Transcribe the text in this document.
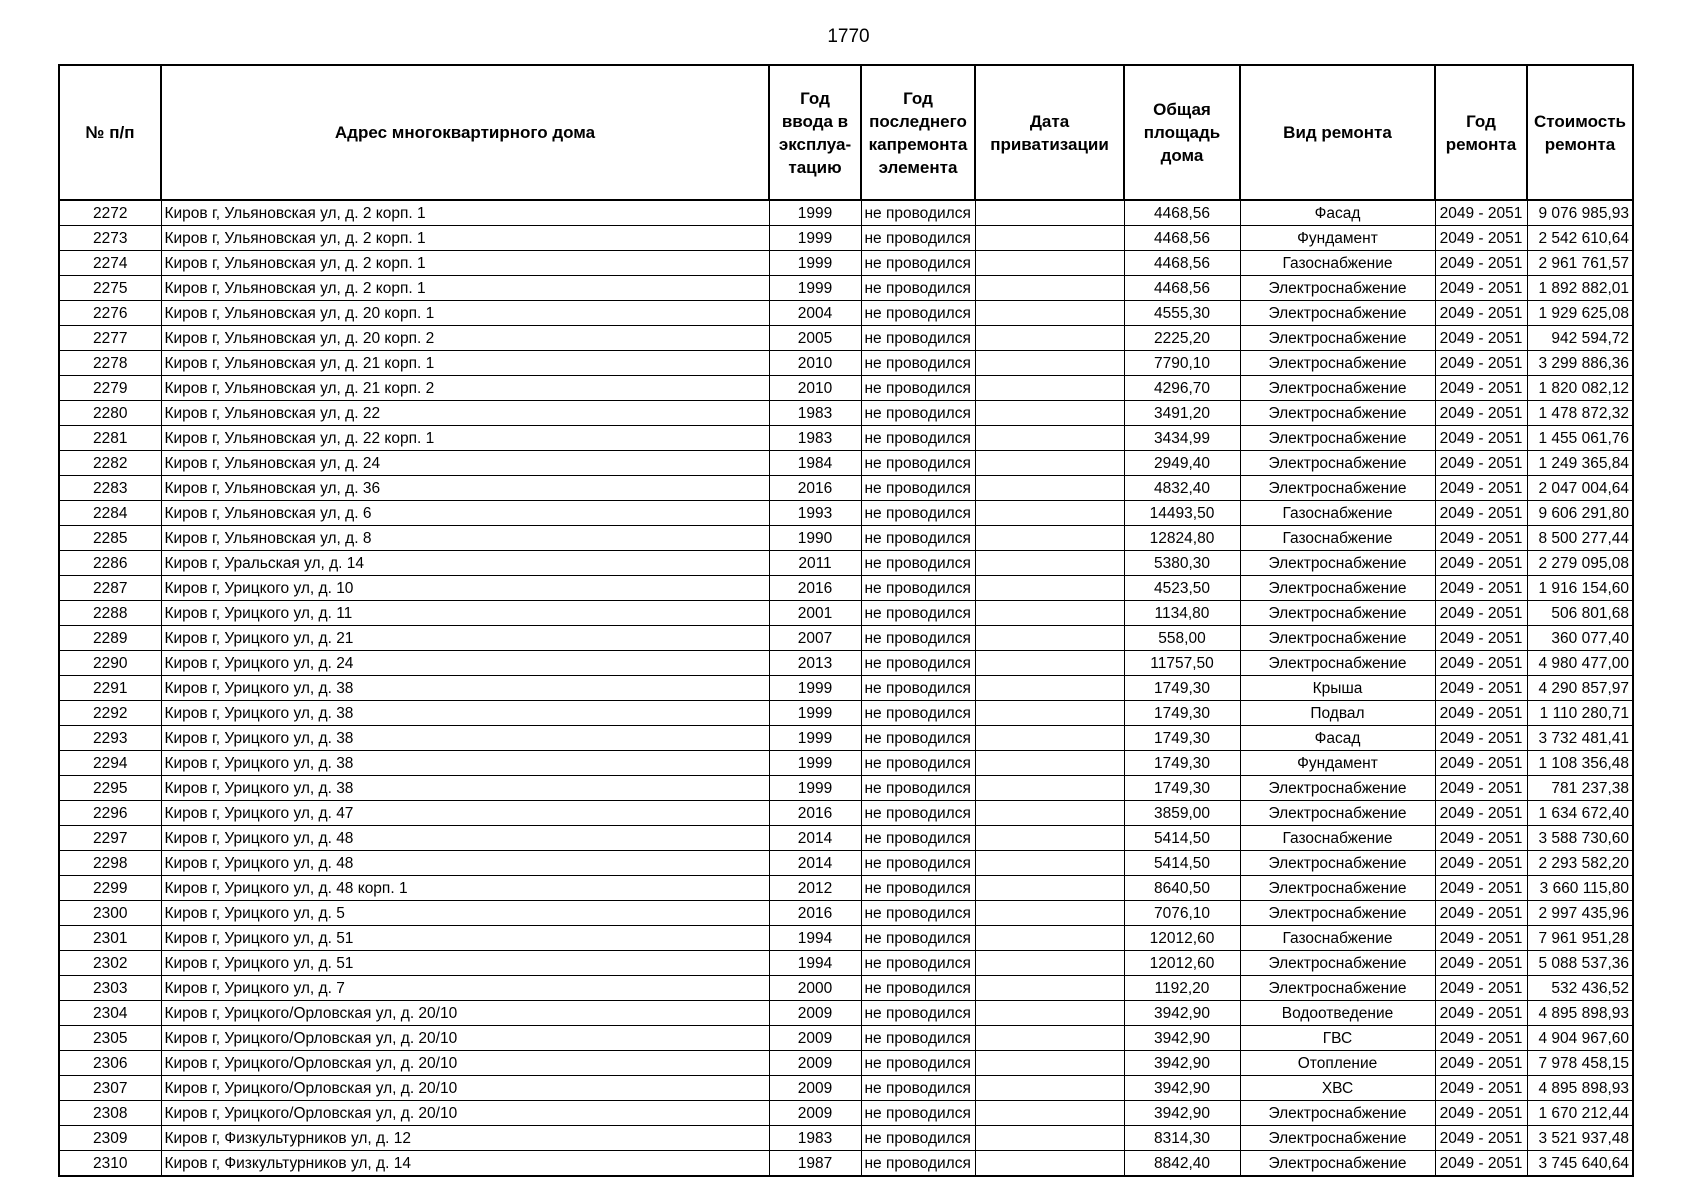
1770
№ п/п	Адрес многоквартирного дома	Год ввода в эксплуа-тацию	Год последнего капремонта элемента	Дата приватизации	Общая площадь дома	Вид ремонта	Год ремонта	Стоимость ремонта
2272	Киров г, Ульяновская ул, д. 2 корп. 1	1999	не проводился		4468,56	Фасад	2049 - 2051	9 076 985,93
2273	Киров г, Ульяновская ул, д. 2 корп. 1	1999	не проводился		4468,56	Фундамент	2049 - 2051	2 542 610,64
2274	Киров г, Ульяновская ул, д. 2 корп. 1	1999	не проводился		4468,56	Газоснабжение	2049 - 2051	2 961 761,57
2275	Киров г, Ульяновская ул, д. 2 корп. 1	1999	не проводился		4468,56	Электроснабжение	2049 - 2051	1 892 882,01
2276	Киров г, Ульяновская ул, д. 20 корп. 1	2004	не проводился		4555,30	Электроснабжение	2049 - 2051	1 929 625,08
2277	Киров г, Ульяновская ул, д. 20 корп. 2	2005	не проводился		2225,20	Электроснабжение	2049 - 2051	942 594,72
2278	Киров г, Ульяновская ул, д. 21 корп. 1	2010	не проводился		7790,10	Электроснабжение	2049 - 2051	3 299 886,36
2279	Киров г, Ульяновская ул, д. 21 корп. 2	2010	не проводился		4296,70	Электроснабжение	2049 - 2051	1 820 082,12
2280	Киров г, Ульяновская ул, д. 22	1983	не проводился		3491,20	Электроснабжение	2049 - 2051	1 478 872,32
2281	Киров г, Ульяновская ул, д. 22 корп. 1	1983	не проводился		3434,99	Электроснабжение	2049 - 2051	1 455 061,76
2282	Киров г, Ульяновская ул, д. 24	1984	не проводился		2949,40	Электроснабжение	2049 - 2051	1 249 365,84
2283	Киров г, Ульяновская ул, д. 36	2016	не проводился		4832,40	Электроснабжение	2049 - 2051	2 047 004,64
2284	Киров г, Ульяновская ул, д. 6	1993	не проводился		14493,50	Газоснабжение	2049 - 2051	9 606 291,80
2285	Киров г, Ульяновская ул, д. 8	1990	не проводился		12824,80	Газоснабжение	2049 - 2051	8 500 277,44
2286	Киров г, Уральская ул, д. 14	2011	не проводился		5380,30	Электроснабжение	2049 - 2051	2 279 095,08
2287	Киров г, Урицкого ул, д. 10	2016	не проводился		4523,50	Электроснабжение	2049 - 2051	1 916 154,60
2288	Киров г, Урицкого ул, д. 11	2001	не проводился		1134,80	Электроснабжение	2049 - 2051	506 801,68
2289	Киров г, Урицкого ул, д. 21	2007	не проводился		558,00	Электроснабжение	2049 - 2051	360 077,40
2290	Киров г, Урицкого ул, д. 24	2013	не проводился		11757,50	Электроснабжение	2049 - 2051	4 980 477,00
2291	Киров г, Урицкого ул, д. 38	1999	не проводился		1749,30	Крыша	2049 - 2051	4 290 857,97
2292	Киров г, Урицкого ул, д. 38	1999	не проводился		1749,30	Подвал	2049 - 2051	1 110 280,71
2293	Киров г, Урицкого ул, д. 38	1999	не проводился		1749,30	Фасад	2049 - 2051	3 732 481,41
2294	Киров г, Урицкого ул, д. 38	1999	не проводился		1749,30	Фундамент	2049 - 2051	1 108 356,48
2295	Киров г, Урицкого ул, д. 38	1999	не проводился		1749,30	Электроснабжение	2049 - 2051	781 237,38
2296	Киров г, Урицкого ул, д. 47	2016	не проводился		3859,00	Электроснабжение	2049 - 2051	1 634 672,40
2297	Киров г, Урицкого ул, д. 48	2014	не проводился		5414,50	Газоснабжение	2049 - 2051	3 588 730,60
2298	Киров г, Урицкого ул, д. 48	2014	не проводился		5414,50	Электроснабжение	2049 - 2051	2 293 582,20
2299	Киров г, Урицкого ул, д. 48 корп. 1	2012	не проводился		8640,50	Электроснабжение	2049 - 2051	3 660 115,80
2300	Киров г, Урицкого ул, д. 5	2016	не проводился		7076,10	Электроснабжение	2049 - 2051	2 997 435,96
2301	Киров г, Урицкого ул, д. 51	1994	не проводился		12012,60	Газоснабжение	2049 - 2051	7 961 951,28
2302	Киров г, Урицкого ул, д. 51	1994	не проводился		12012,60	Электроснабжение	2049 - 2051	5 088 537,36
2303	Киров г, Урицкого ул, д. 7	2000	не проводился		1192,20	Электроснабжение	2049 - 2051	532 436,52
2304	Киров г, Урицкого/Орловская ул, д. 20/10	2009	не проводился		3942,90	Водоотведение	2049 - 2051	4 895 898,93
2305	Киров г, Урицкого/Орловская ул, д. 20/10	2009	не проводился		3942,90	ГВС	2049 - 2051	4 904 967,60
2306	Киров г, Урицкого/Орловская ул, д. 20/10	2009	не проводился		3942,90	Отопление	2049 - 2051	7 978 458,15
2307	Киров г, Урицкого/Орловская ул, д. 20/10	2009	не проводился		3942,90	ХВС	2049 - 2051	4 895 898,93
2308	Киров г, Урицкого/Орловская ул, д. 20/10	2009	не проводился		3942,90	Электроснабжение	2049 - 2051	1 670 212,44
2309	Киров г, Физкультурников ул, д. 12	1983	не проводился		8314,30	Электроснабжение	2049 - 2051	3 521 937,48
2310	Киров г, Физкультурников ул, д. 14	1987	не проводился		8842,40	Электроснабжение	2049 - 2051	3 745 640,64
